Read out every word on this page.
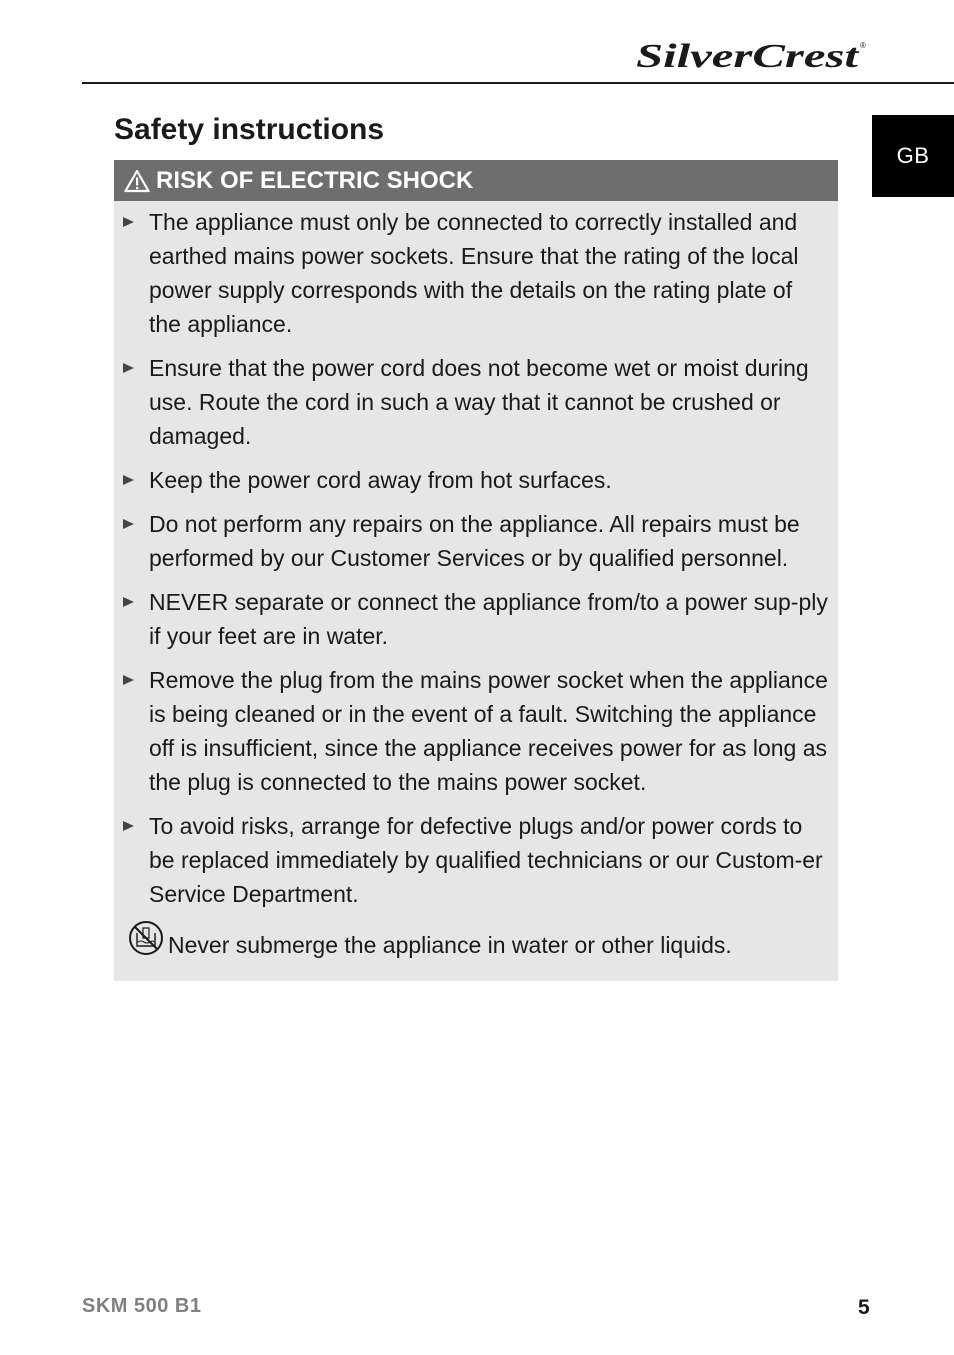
SilverCrest ®
GB
Safety instructions
RISK OF ELECTRIC SHOCK
The appliance must only be connected to correctly installed and earthed mains power sockets. Ensure that the rating of the local power supply corresponds with the details on the rating plate of the appliance.
Ensure that the power cord does not become wet or moist during use. Route the cord in such a way that it cannot be crushed or damaged.
Keep the power cord away from hot surfaces.
Do not perform any repairs on the appliance. All repairs must be performed by our Customer Services or by qualified personnel.
NEVER separate or connect the appliance from/to a power sup-ply if your feet are in water.
Remove the plug from the mains power socket when the appliance is being cleaned or in the event of a fault. Switching the appliance off is insufficient, since the appliance receives power for as long as the plug is connected to the mains power socket.
To avoid risks, arrange for defective plugs and/or power cords to be replaced immediately by qualified technicians or our Custom-er Service Department.
Never submerge the appliance in water or other liquids.
SKM 500 B1	5
